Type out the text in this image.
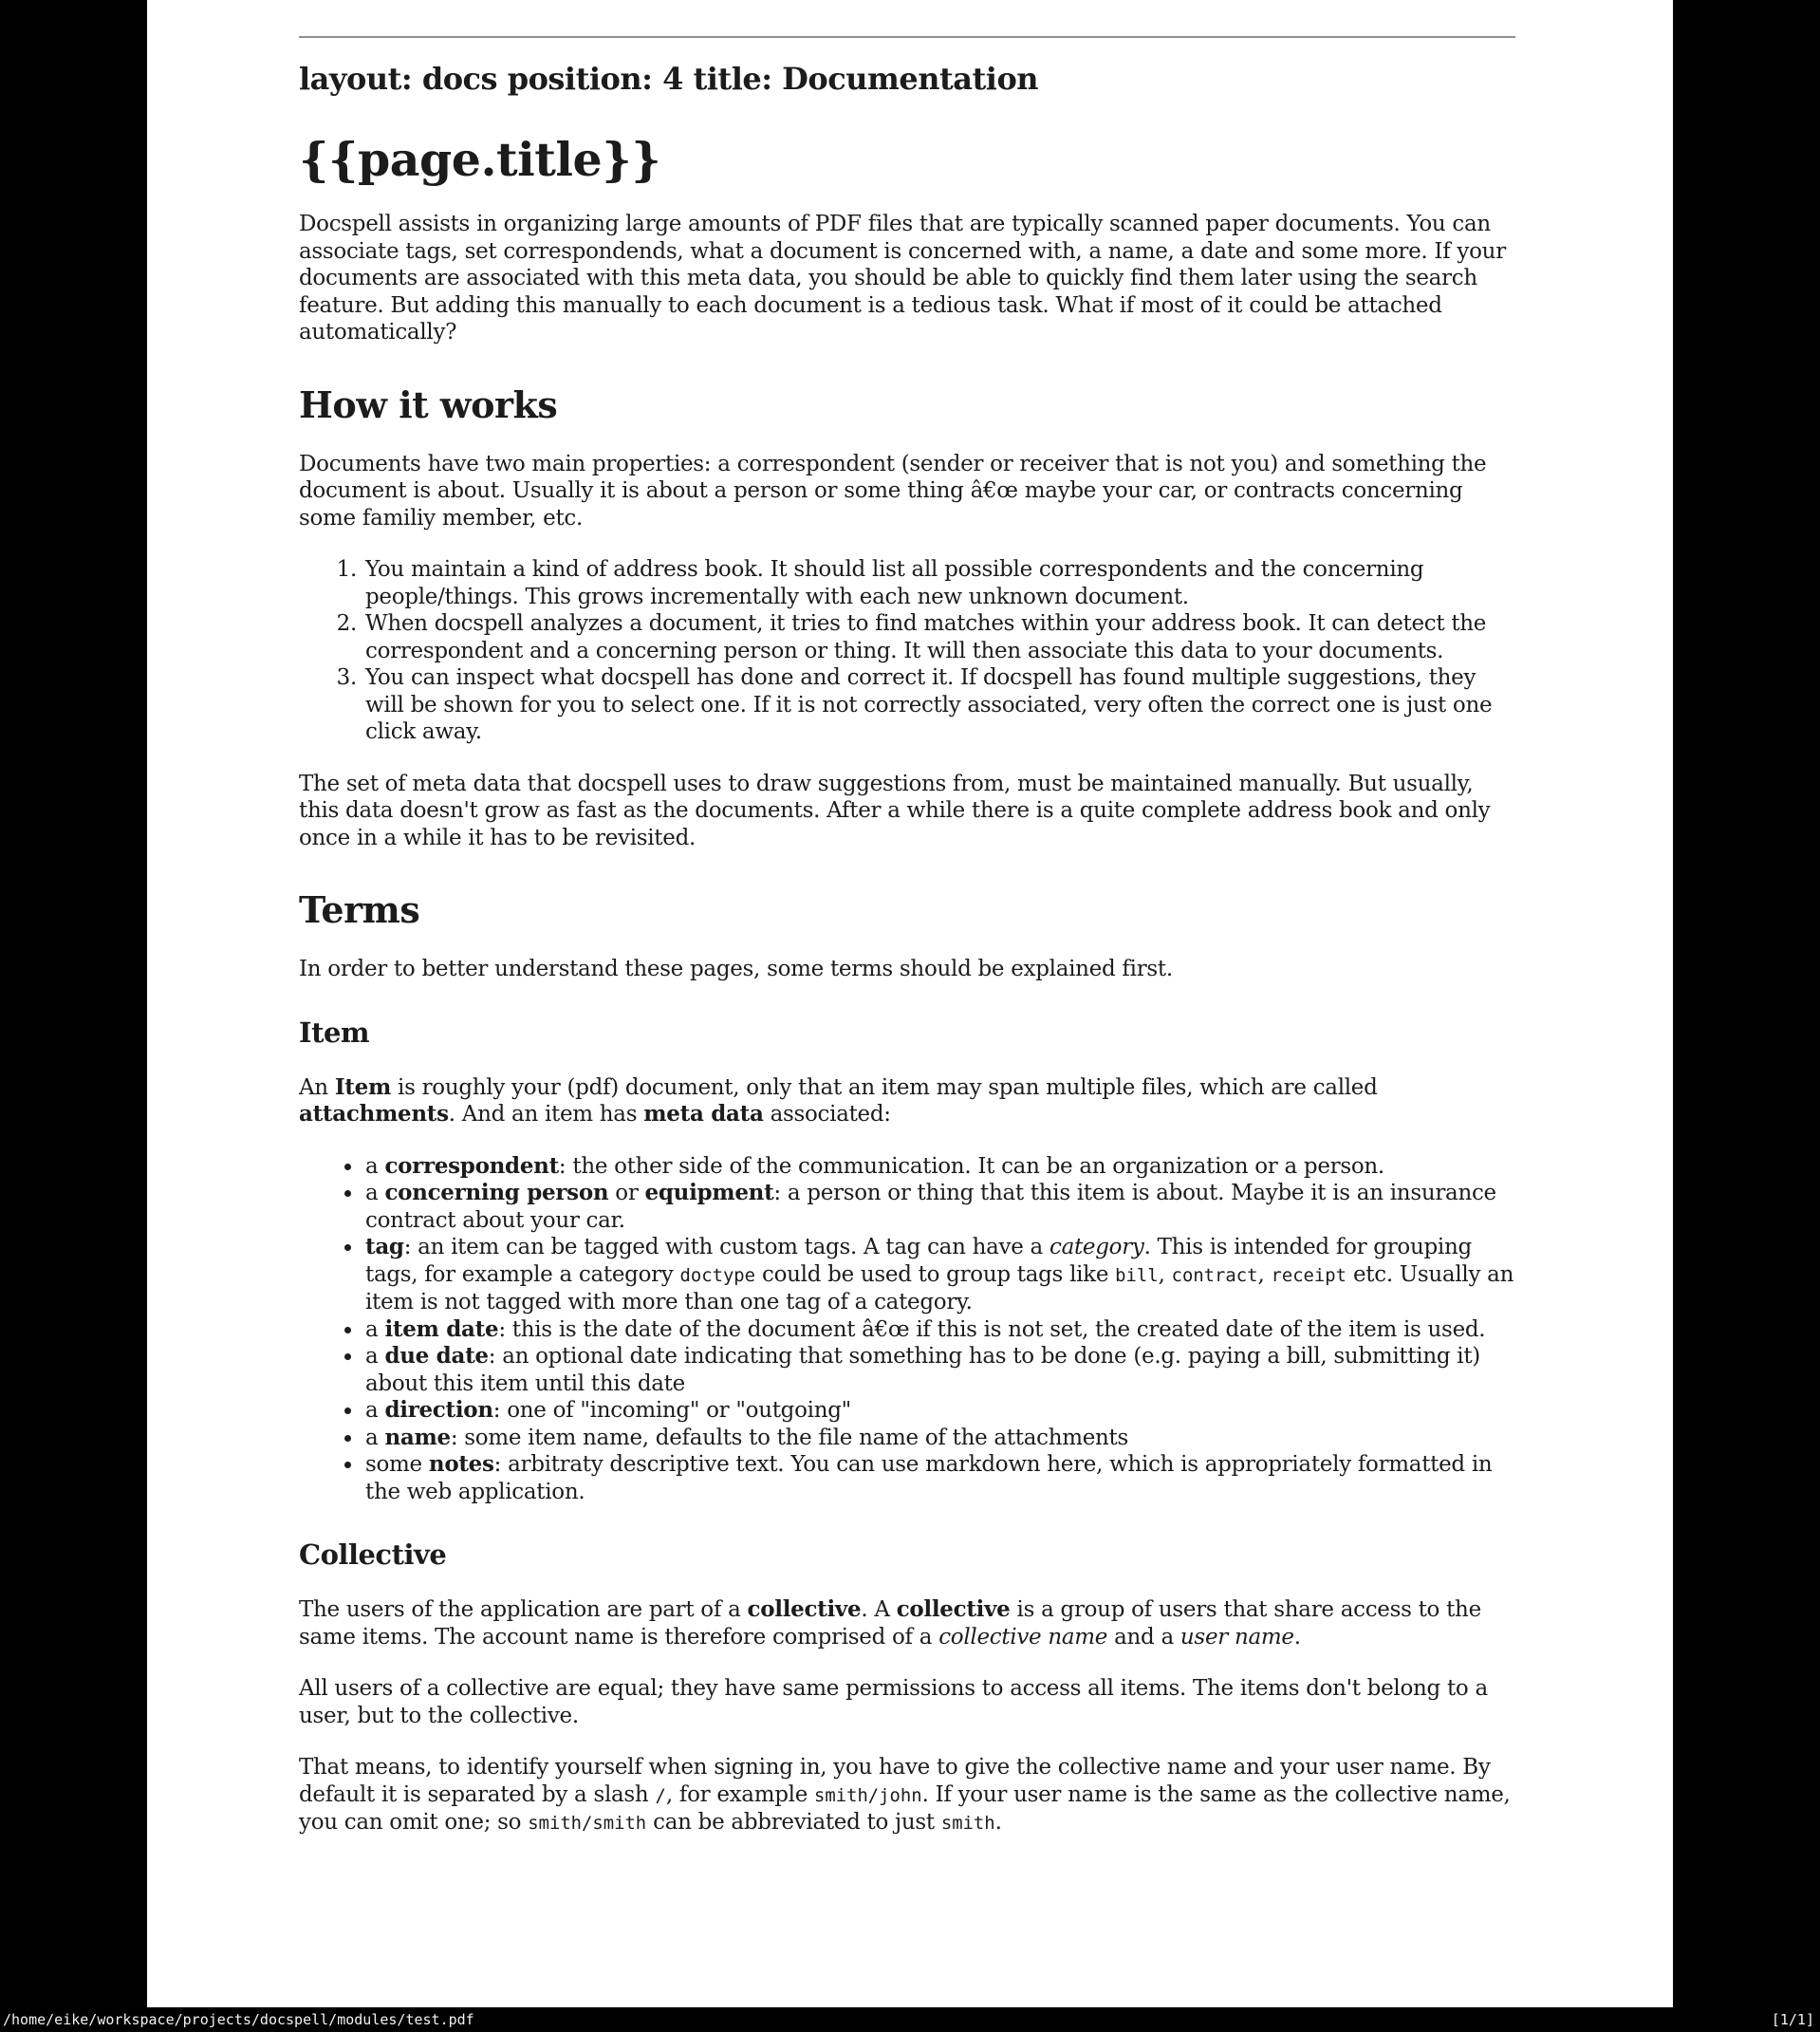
layout: docs position: 4 title: Documentation
{{page.title}}

Docspell assists in organizing large amounts of PDF files that are typically scanned paper documents. You can associate tags, set correspondends, what a document is concerned with, a name, a date and some more. If your documents are associated with this meta data, you should be able to quickly find them later using the search feature. But adding this manually to each document is a tedious task. What if most of it could be attached automatically?

How it works

Documents have two main properties: a correspondent (sender or receiver that is not you) and something the document is about. Usually it is about a person or some thing â€œ maybe your car, or contracts concerning some familiy member, etc.

1. You maintain a kind of address book. It should list all possible correspondents and the concerning people/things. This grows incrementally with each new unknown document.
2. When docspell analyzes a document, it tries to find matches within your address book. It can detect the correspondent and a concerning person or thing. It will then associate this data to your documents.
3. You can inspect what docspell has done and correct it. If docspell has found multiple suggestions, they will be shown for you to select one. If it is not correctly associated, very often the correct one is just one click away.

The set of meta data that docspell uses to draw suggestions from, must be maintained manually. But usually, this data doesn't grow as fast as the documents. After a while there is a quite complete address book and only once in a while it has to be revisited.

Terms

In order to better understand these pages, some terms should be explained first.

Item

An Item is roughly your (pdf) document, only that an item may span multiple files, which are called attachments. And an item has meta data associated:

• a correspondent: the other side of the communication. It can be an organization or a person.
• a concerning person or equipment: a person or thing that this item is about. Maybe it is an insurance contract about your car.
• tag: an item can be tagged with custom tags. A tag can have a category. This is intended for grouping tags, for example a category doctype could be used to group tags like bill, contract, receipt etc. Usually an item is not tagged with more than one tag of a category.
• a item date: this is the date of the document â€œ if this is not set, the created date of the item is used.
• a due date: an optional date indicating that something has to be done (e.g. paying a bill, submitting it) about this item until this date
• a direction: one of "incoming" or "outgoing"
• a name: some item name, defaults to the file name of the attachments
• some notes: arbitraty descriptive text. You can use markdown here, which is appropriately formatted in the web application.
Collective

The users of the application are part of a collective. A collective is a group of users that share access to the same items. The account name is therefore comprised of a collective name and a user name.

All users of a collective are equal; they have same permissions to access all items. The items don't belong to a user, but to the collective.

That means, to identify yourself when signing in, you have to give the collective name and your user name. By default it is separated by a slash /, for example smith/john. If your user name is the same as the collective name, you can omit one; so smith/smith can be abbreviated to just smith.

/home/eike/workspace/projects/docspell/modules/test.pdf	[1/1]
